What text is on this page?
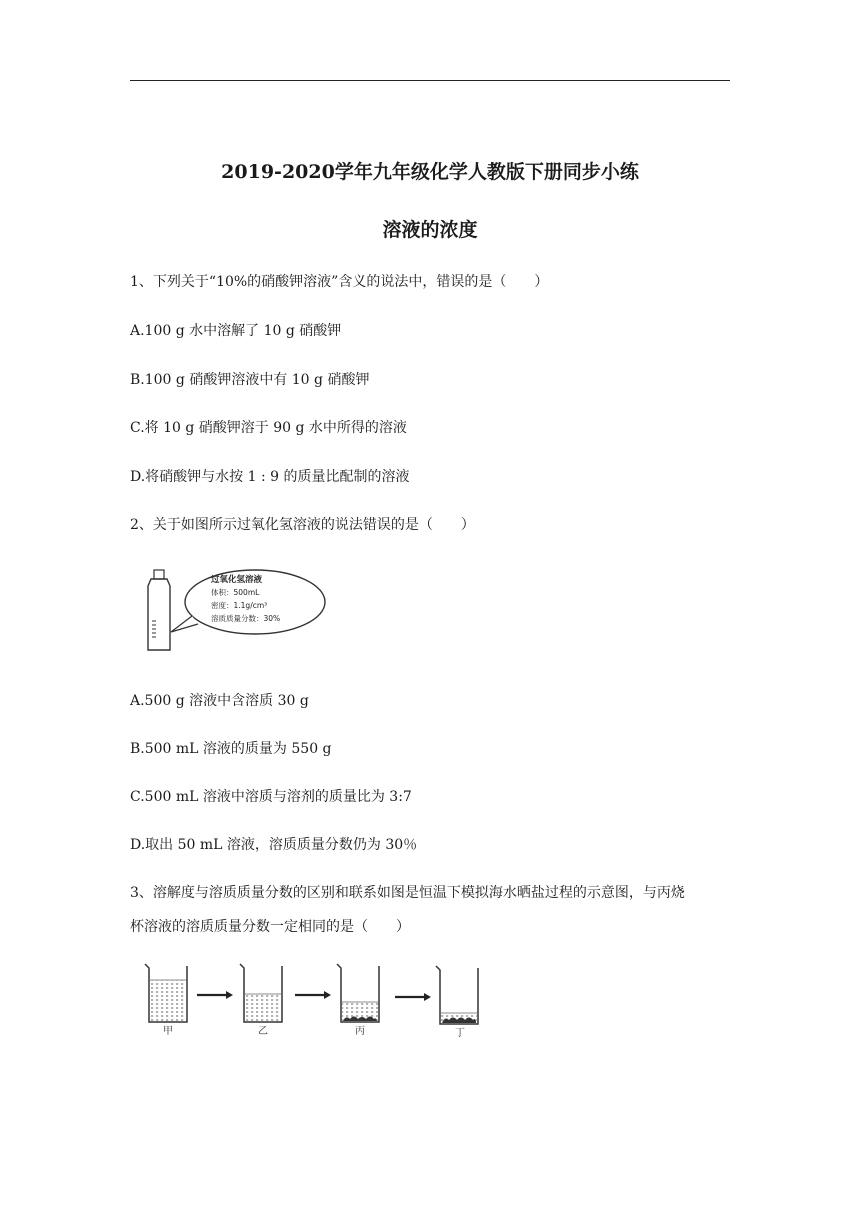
2019-2020学年九年级化学人教版下册同步小练
溶液的浓度
1、下列关于“10%的硝酸钾溶液”含义的说法中，错误的是（　　）
A.100 g 水中溶解了 10 g 硝酸钾
B.100 g 硝酸钾溶液中有 10 g 硝酸钾
C.将 10 g 硝酸钾溶于 90 g 水中所得的溶液
D.将硝酸钾与水按 1 : 9 的质量比配制的溶液
2、关于如图所示过氧化氢溶液的说法错误的是（　　）
过氧化氢溶液
体积：500mL
密度：1.1g/cm³
溶质质量分数：30%
A.500 g 溶液中含溶质 30 g
B.500 mL 溶液的质量为 550 g
C.500 mL 溶液中溶质与溶剂的质量比为 3:7
D.取出 50 mL 溶液，溶质质量分数仍为 30％
3、溶解度与溶质质量分数的区别和联系如图是恒温下模拟海水晒盐过程的示意图，与丙烧
杯溶液的溶质质量分数一定相同的是（　　）
甲	乙	丙	丁
